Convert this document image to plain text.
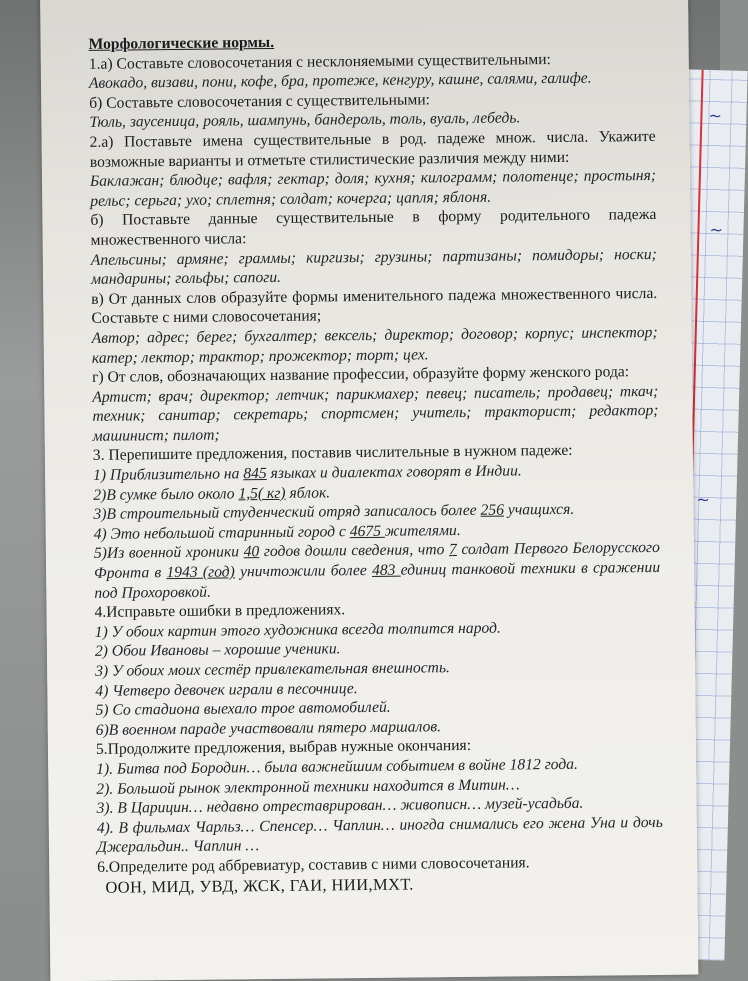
~
~
~

Морфологические нормы.

1.а) Составьте словосочетания с несклоняемыми существительными:

Авокадо, визави, пони, кофе, бра, протеже, кенгуру, кашне, салями, галифе.

б) Составьте словосочетания с существительными:

Тюль, заусеница, рояль, шампунь, бандероль, толь, вуаль, лебедь.

2.а) Поставьте имена существительные в род. падеже множ. числа. Укажите возможные варианты и отметьте стилистические различия между ними:

Баклажан; блюдце; вафля; гектар; доля; кухня; килограмм; полотенце; простыня; рельс; серьга; ухо; сплетня; солдат; кочерга; цапля; яблоня.

б) Поставьте данные существительные в форму родительного падежа множественного числа:

Апельсины; армяне; граммы; киргизы; грузины; партизаны; помидоры; носки; мандарины; гольфы; сапоги.

в) От данных слов образуйте формы именительного падежа множественного числа. Составьте с ними словосочетания;

Автор; адрес; берег; бухгалтер; вексель; директор; договор; корпус; инспектор; катер; лектор; трактор; прожектор; торт; цех.

г) От слов, обозначающих название профессии, образуйте форму женского рода:

Артист; врач; директор; летчик; парикмахер; певец; писатель; продавец; ткач; техник; санитар; секретарь; спортсмен; учитель; тракторист; редактор; машинист; пилот;

3. Перепишите предложения, поставив числительные в нужном падеже:

1) Приблизительно на 845 языках и диалектах говорят в Индии.

2)В сумке было около 1,5( кг) яблок.

3)В строительный студенческий отряд записалось более 256 учащихся.

4) Это небольшой старинный город с 4675 жителями.

5)Из военной хроники 40 годов дошли сведения, что 7 солдат Первого Белорусского Фронта в 1943 (год) уничтожили более 483 единиц танковой техники в сражении под Прохоровкой.

4.Исправьте ошибки в предложениях.

1) У обоих картин этого художника всегда толпится народ.

2) Обои Ивановы – хорошие ученики.

3) У обоих моих сестёр привлекательная внешность.

4) Четверо девочек играли в песочнице.

5) Со стадиона выехало трое автомобилей.

6)В военном параде участвовали пятеро маршалов.

5.Продолжите предложения, выбрав нужные окончания:

1). Битва под Бородин… была важнейшим событием в войне 1812 года.

2). Большой рынок электронной техники находится в Митин…

3). В Царицин… недавно отреставрирован… живописн… музей-усадьба.

4). В фильмах Чарльз… Спенсер… Чаплин… иногда снимались его жена Уна и дочь Джеральдин.. Чаплин …

6.Определите род аббревиатур, составив с ними словосочетания.

ООН, МИД, УВД, ЖСК, ГАИ, НИИ,МХТ.
